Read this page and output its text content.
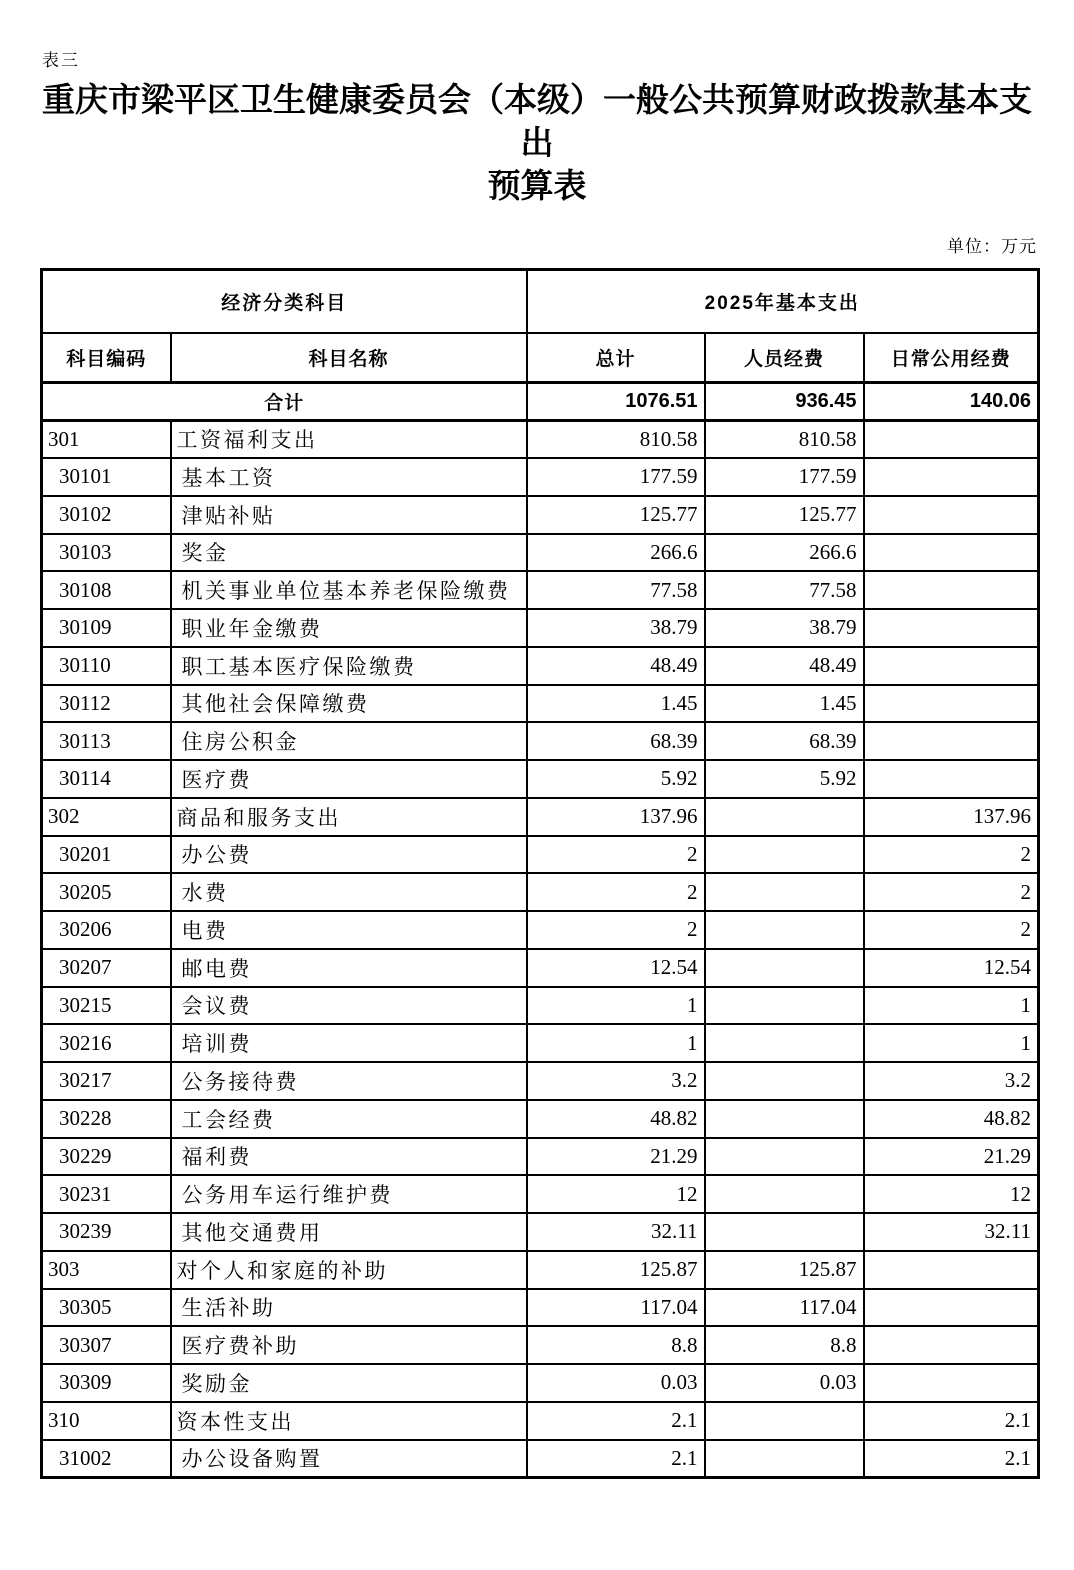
表三
重庆市梁平区卫生健康委员会（本级）一般公共预算财政拨款基本支出
预算表
单位：万元
经济分类科目		2025年基本支出		
科目编码	科目名称	总计	人员经费	日常公用经费
合计		1076.51	936.45	140.06
301	工资福利支出	810.58	810.58	
30101	基本工资	177.59	177.59	
30102	津贴补贴	125.77	125.77	
30103	奖金	266.6	266.6	
30108	机关事业单位基本养老保险缴费	77.58	77.58	
30109	职业年金缴费	38.79	38.79	
30110	职工基本医疗保险缴费	48.49	48.49	
30112	其他社会保障缴费	1.45	1.45	
30113	住房公积金	68.39	68.39	
30114	医疗费	5.92	5.92	
302	商品和服务支出	137.96		137.96
30201	办公费	2		2
30205	水费	2		2
30206	电费	2		2
30207	邮电费	12.54		12.54
30215	会议费	1		1
30216	培训费	1		1
30217	公务接待费	3.2		3.2
30228	工会经费	48.82		48.82
30229	福利费	21.29		21.29
30231	公务用车运行维护费	12		12
30239	其他交通费用	32.11		32.11
303	对个人和家庭的补助	125.87	125.87	
30305	生活补助	117.04	117.04	
30307	医疗费补助	8.8	8.8	
30309	奖励金	0.03	0.03	
310	资本性支出	2.1		2.1
31002	办公设备购置	2.1		2.1
